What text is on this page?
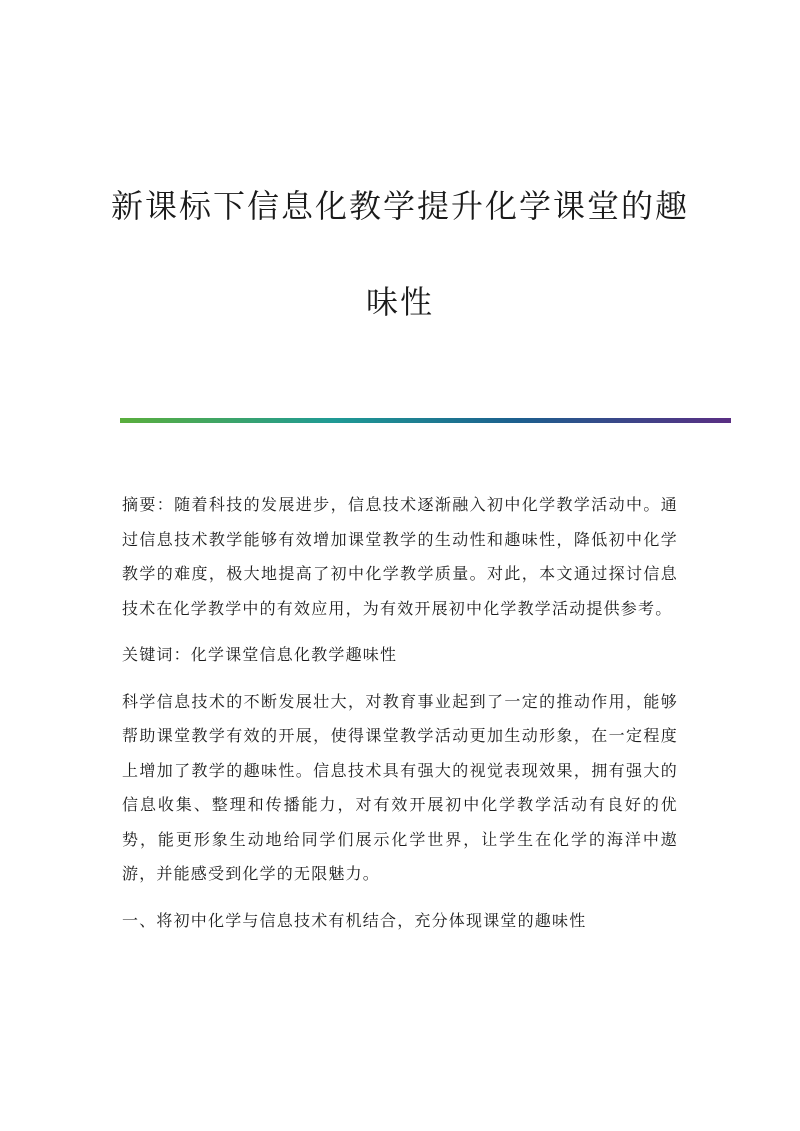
新课标下信息化教学提升化学课堂的趣味性

摘要：随着科技的发展进步，信息技术逐渐融入初中化学教学活动中。通过信息技术教学能够有效增加课堂教学的生动性和趣味性，降低初中化学教学的难度，极大地提高了初中化学教学质量。对此，本文通过探讨信息技术在化学教学中的有效应用，为有效开展初中化学教学活动提供参考。

关键词：化学课堂信息化教学趣味性

科学信息技术的不断发展壮大，对教育事业起到了一定的推动作用，能够帮助课堂教学有效的开展，使得课堂教学活动更加生动形象，在一定程度上增加了教学的趣味性。信息技术具有强大的视觉表现效果，拥有强大的信息收集、整理和传播能力，对有效开展初中化学教学活动有良好的优势，能更形象生动地给同学们展示化学世界，让学生在化学的海洋中遨游，并能感受到化学的无限魅力。

一、将初中化学与信息技术有机结合，充分体现课堂的趣味性
